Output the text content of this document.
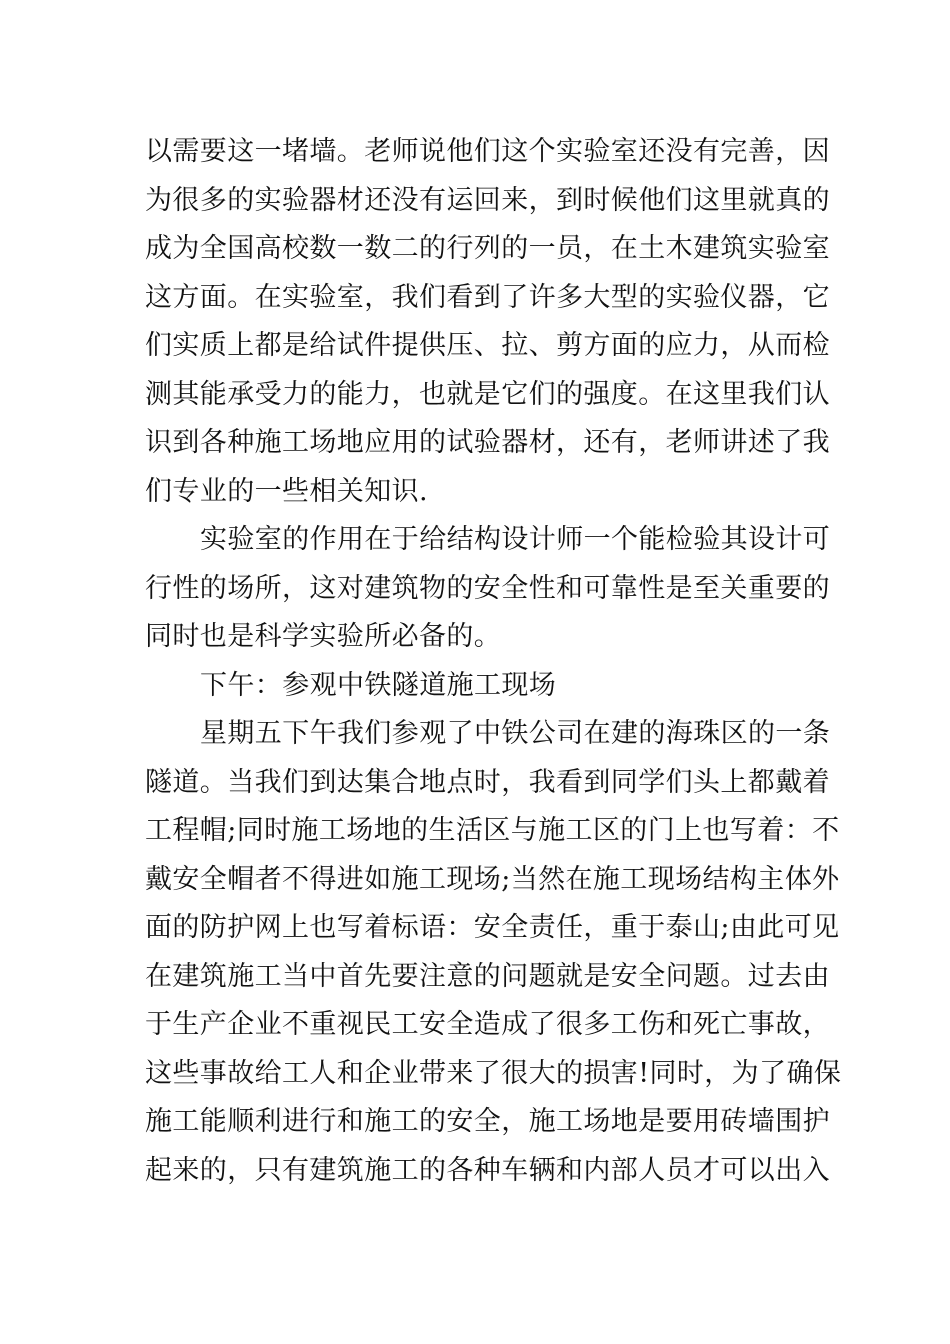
以需要这一堵墙。老师说他们这个实验室还没有完善，因
为很多的实验器材还没有运回来，到时候他们这里就真的
成为全国高校数一数二的行列的一员，在土木建筑实验室
这方面。在实验室，我们看到了许多大型的实验仪器，它
们实质上都是给试件提供压、拉、剪方面的应力，从而检
测其能承受力的能力，也就是它们的强度。在这里我们认
识到各种施工场地应用的试验器材，还有，老师讲述了我
们专业的一些相关知识.
实验室的作用在于给结构设计师一个能检验其设计可
行性的场所，这对建筑物的安全性和可靠性是至关重要的
同时也是科学实验所必备的。
下午：参观中铁隧道施工现场
星期五下午我们参观了中铁公司在建的海珠区的一条
隧道。当我们到达集合地点时，我看到同学们头上都戴着
工程帽;同时施工场地的生活区与施工区的门上也写着：不
戴安全帽者不得进如施工现场;当然在施工现场结构主体外
面的防护网上也写着标语：安全责任，重于泰山;由此可见
在建筑施工当中首先要注意的问题就是安全问题。过去由
于生产企业不重视民工安全造成了很多工伤和死亡事故，
这些事故给工人和企业带来了很大的损害!同时，为了确保
施工能顺利进行和施工的安全，施工场地是要用砖墙围护
起来的，只有建筑施工的各种车辆和内部人员才可以出入
